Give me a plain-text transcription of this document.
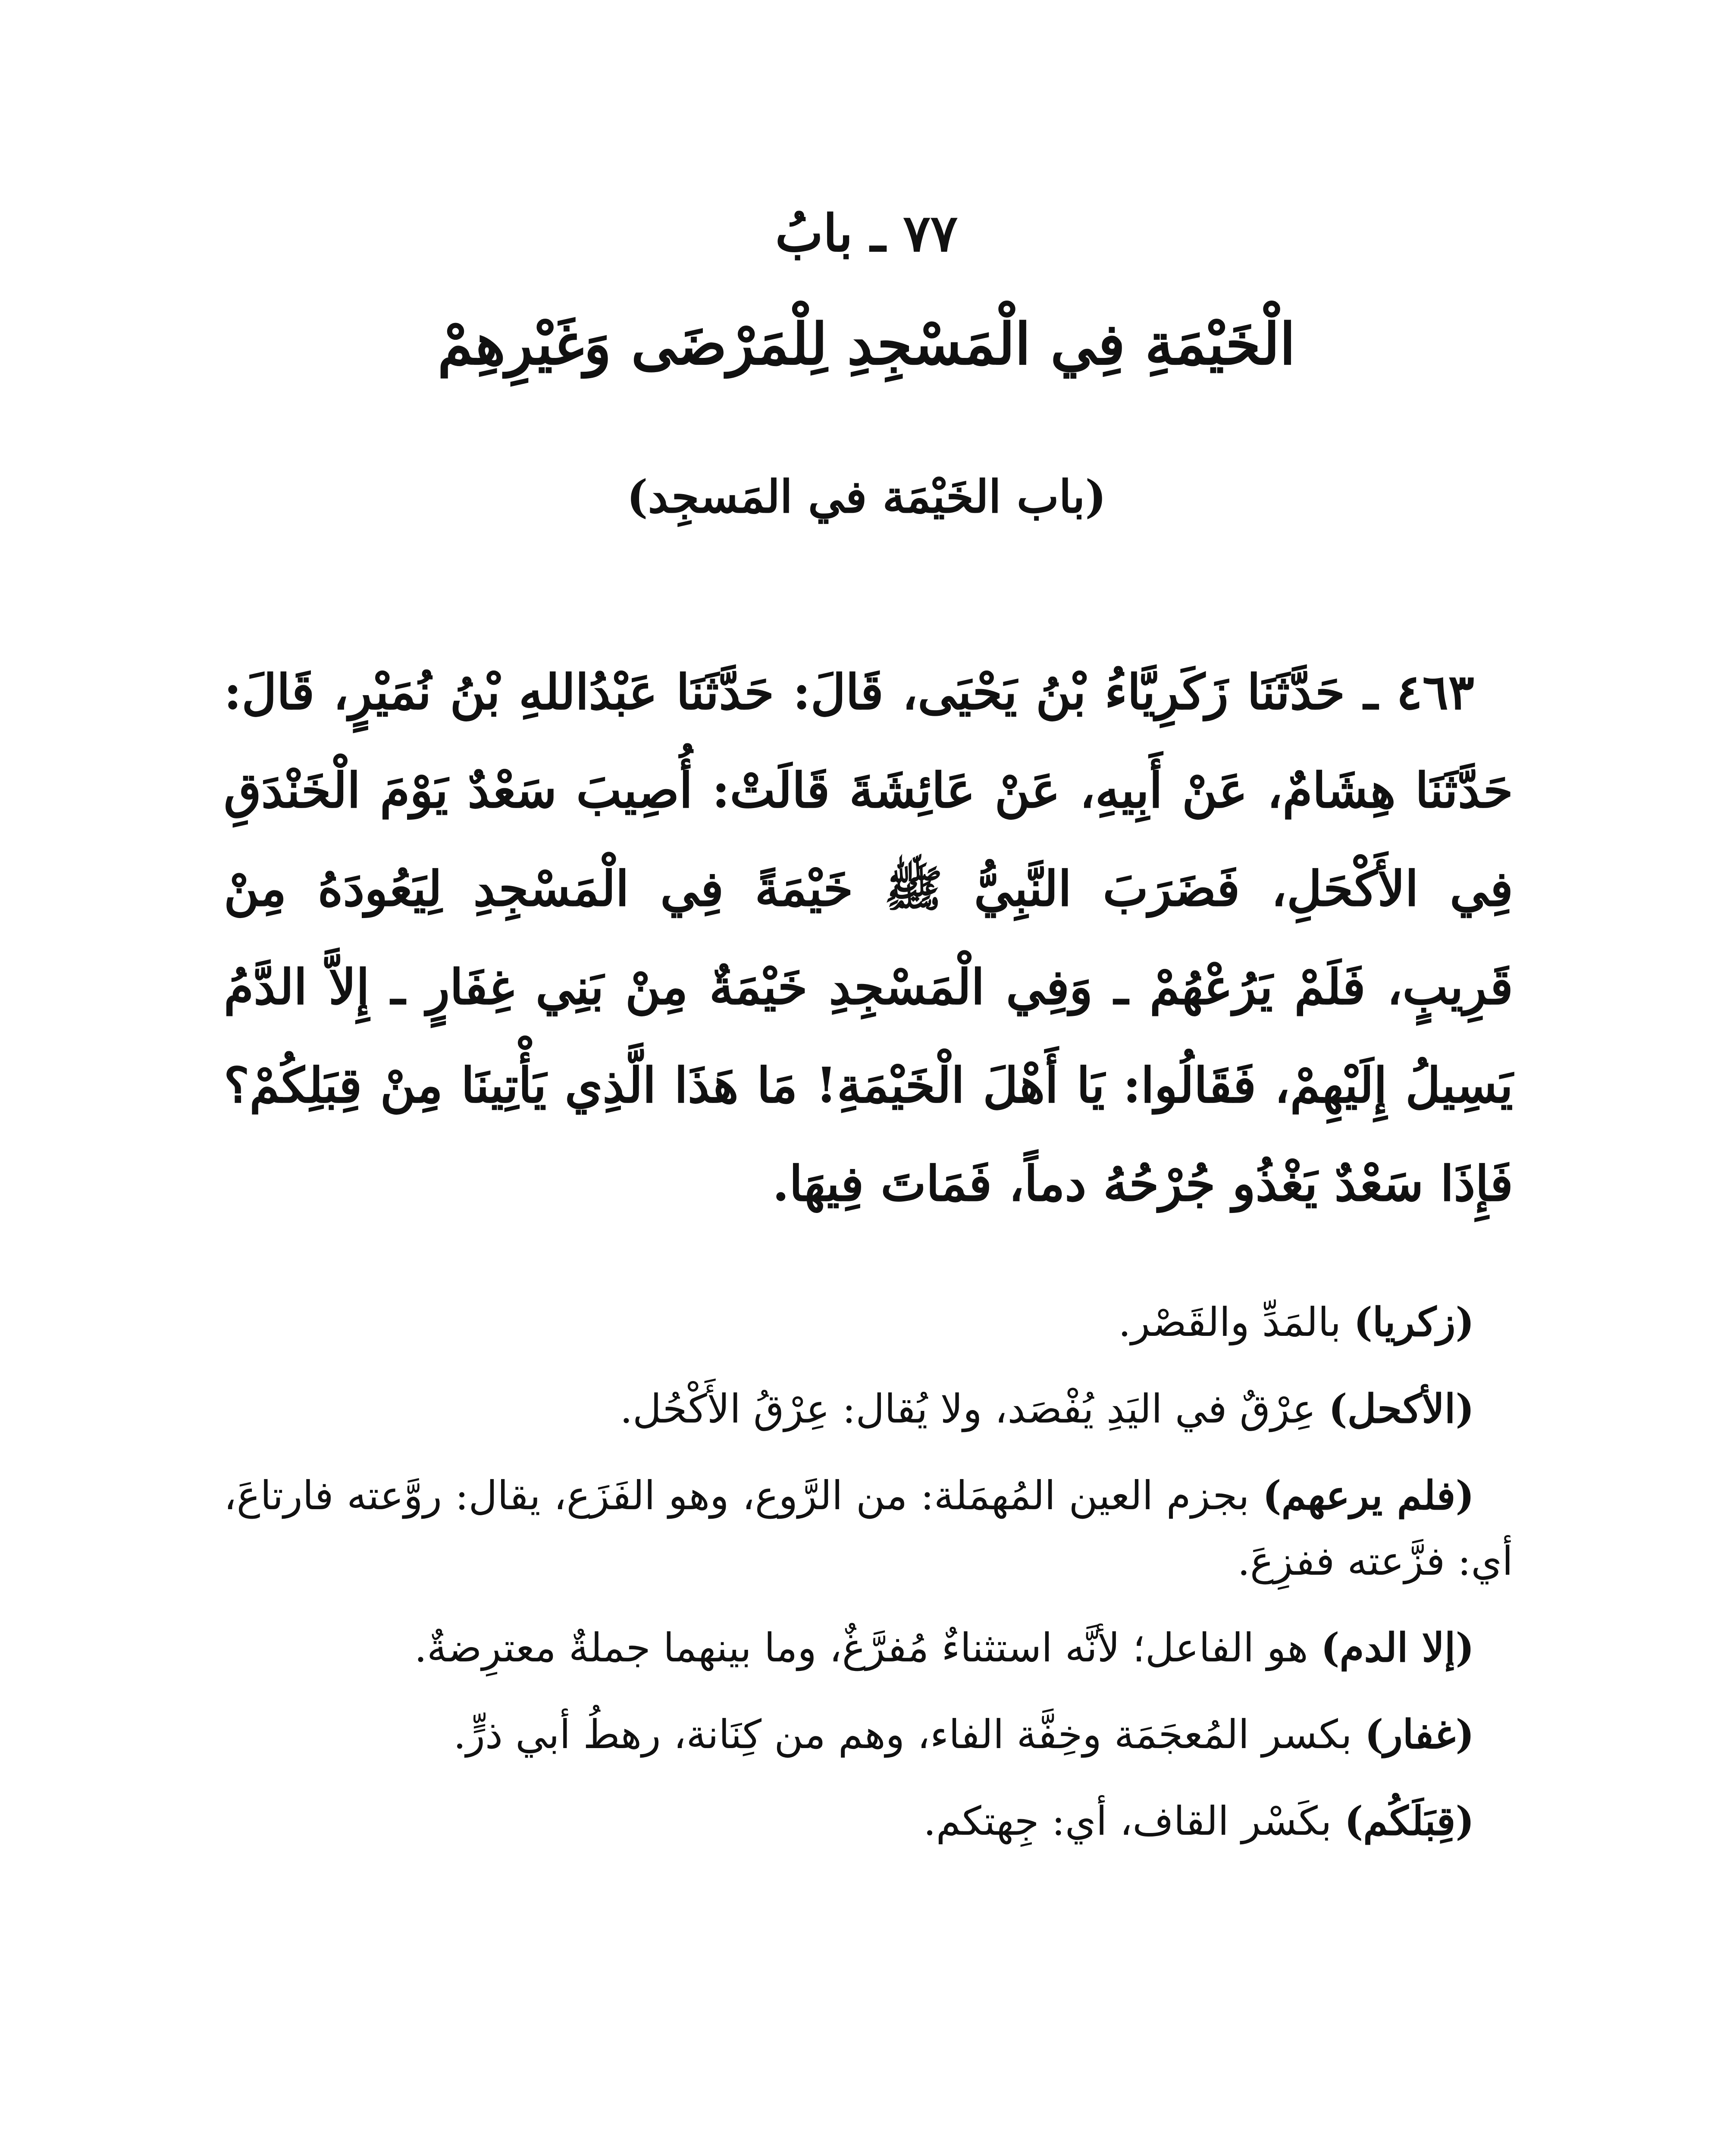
٧٧ ـ بابُ
الْخَيْمَةِ فِي الْمَسْجِدِ لِلْمَرْضَى وَغَيْرِهِمْ
(باب الخَيْمَة في المَسجِد)

٤٦٣ ـ حَدَّثَنَا زَكَرِيَّاءُ بْنُ يَحْيَى، قَالَ: حَدَّثَنَا عَبْدُاللهِ بْنُ نُمَيْرٍ، قَالَ: حَدَّثَنَا هِشَامٌ، عَنْ أَبِيهِ، عَنْ عَائِشَةَ قَالَتْ: أُصِيبَ سَعْدٌ يَوْمَ الْخَنْدَقِ فِي الأَكْحَلِ، فَضَرَبَ النَّبِيُّ ﷺ خَيْمَةً فِي الْمَسْجِدِ لِيَعُودَهُ مِنْ قَرِيبٍ، فَلَمْ يَرُعْهُمْ ـ وَفِي الْمَسْجِدِ خَيْمَةٌ مِنْ بَنِي غِفَارٍ ـ إِلاَّ الدَّمُ يَسِيلُ إِلَيْهِمْ، فَقَالُوا: يَا أَهْلَ الْخَيْمَةِ! مَا هَذَا الَّذِي يَأْتِينَا مِنْ قِبَلِكُمْ؟ فَإِذَا سَعْدٌ يَغْذُو جُرْحُهُ دماً، فَمَاتَ فِيهَا.

(زكريا) بالمَدِّ والقَصْر.

(الأكحل) عِرْقٌ في اليَدِ يُفْصَد، ولا يُقال: عِرْقُ الأَكْحُل.

(فلم يرعهم) بجزم العين المُهمَلة: من الرَّوع، وهو الفَزَع، يقال: روَّعته فارتاعَ، أي: فزَّعته ففزِعَ.

(إلا الدم) هو الفاعل؛ لأنَّه استثناءٌ مُفرَّغٌ، وما بينهما جملةٌ معترِضةٌ.

(غفار) بكسر المُعجَمَة وخِفَّة الفاء، وهم من كِنَانة، رهطُ أبي ذرٍّ.

(قِبَلَكُم) بكَسْر القاف، أي: جِهتكم.
